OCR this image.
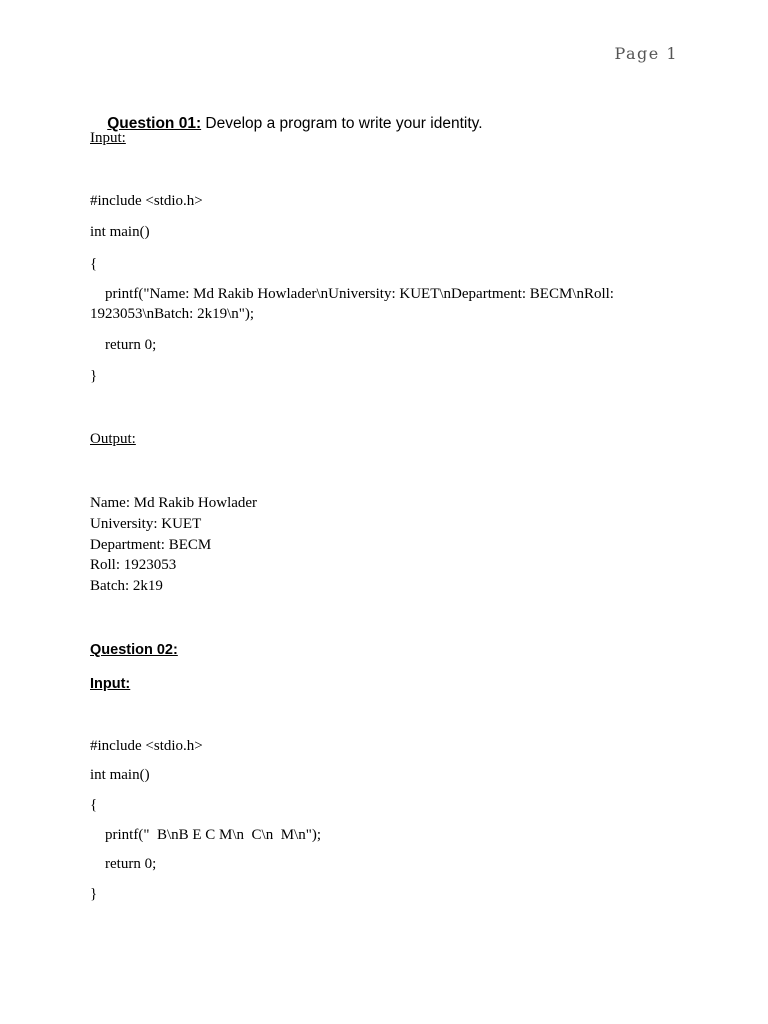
Page 1

Question 01: Develop a program to write your identity.

Input:
#include <stdio.h>
int main()
{
printf("Name: Md Rakib Howlader\nUniversity: KUET\nDepartment: BECM\nRoll: 1923053\nBatch: 2k19\n");
return 0;
}
Output:
Name: Md Rakib Howlader
University: KUET
Department: BECM
Roll: 1923053
Batch: 2k19
Question 02:
Input:
#include <stdio.h>
int main()
{
printf("  B\nB E C M\n  C\n  M\n");
return 0;
}
